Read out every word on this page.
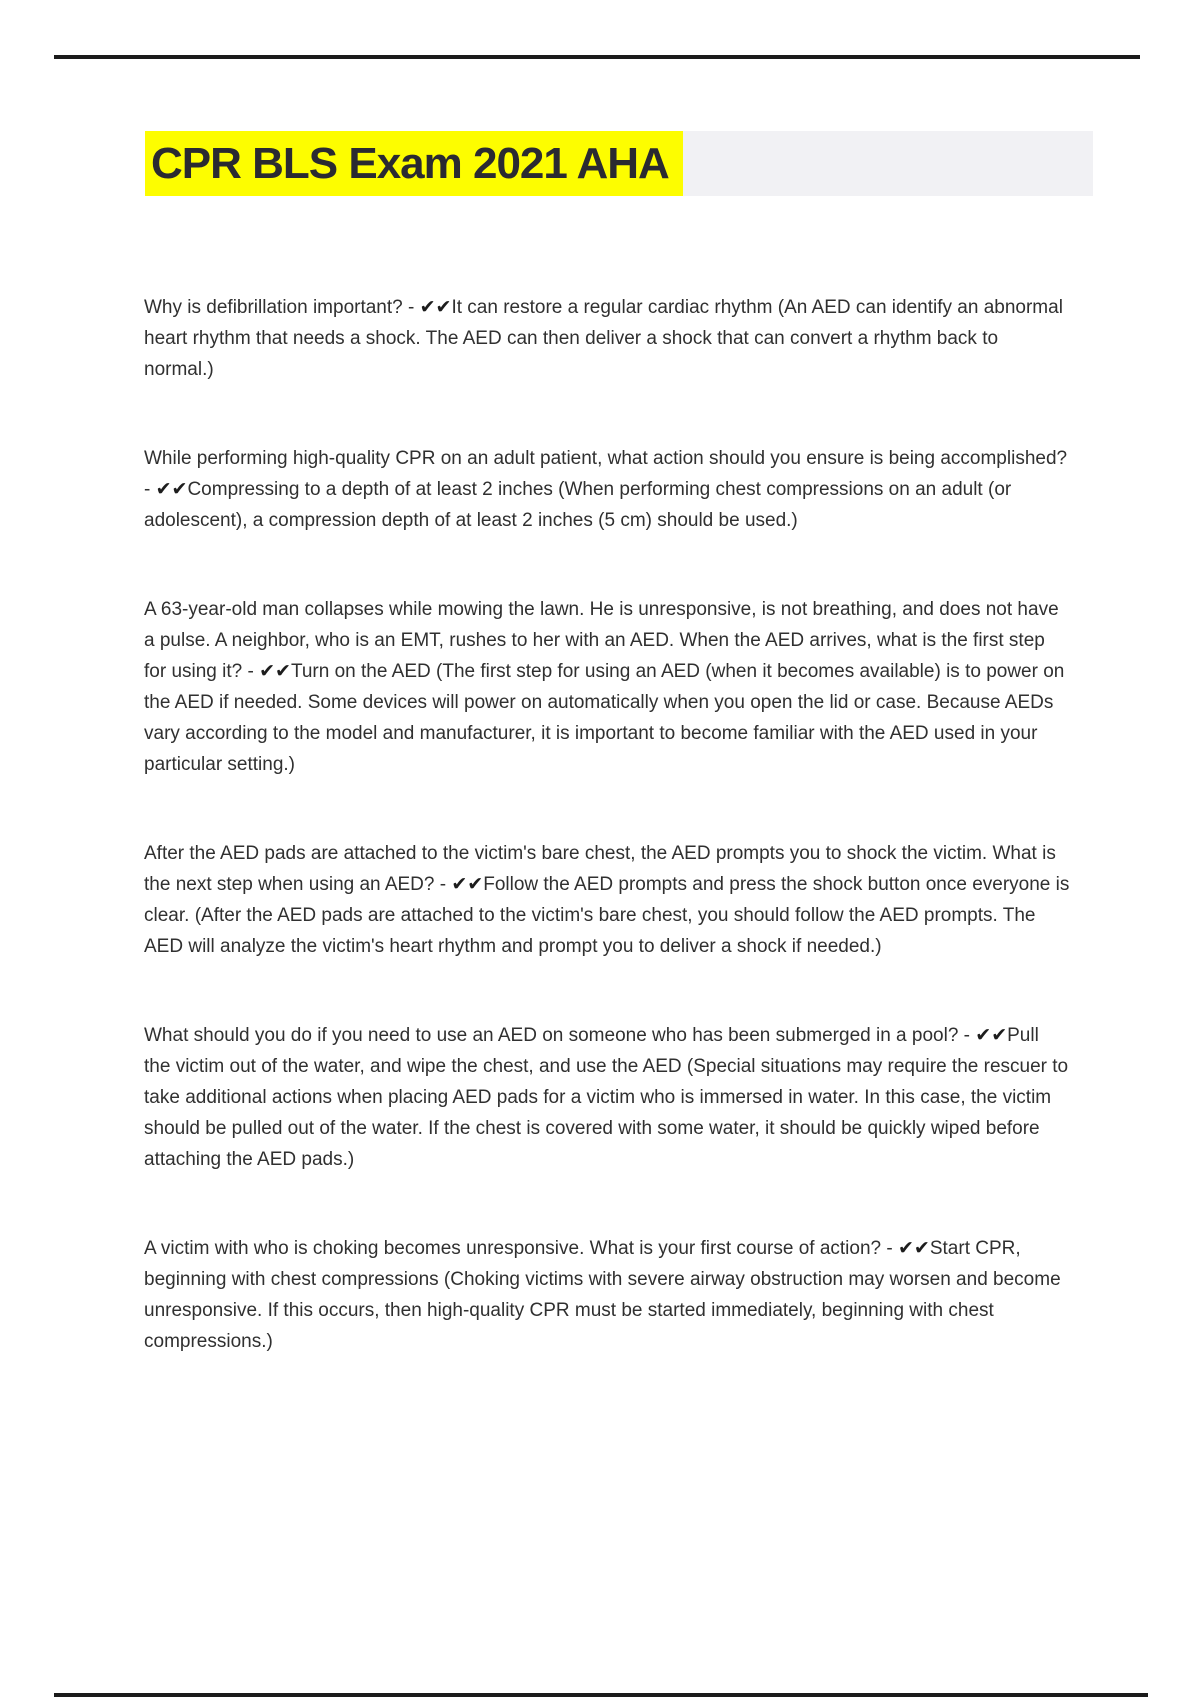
CPR BLS Exam 2021 AHA

Why is defibrillation important? - ✔✔It can restore a regular cardiac rhythm (An AED can identify an abnormal heart rhythm that needs a shock. The AED can then deliver a shock that can convert a rhythm back to normal.)

While performing high-quality CPR on an adult patient, what action should you ensure is being accomplished? - ✔✔Compressing to a depth of at least 2 inches (When performing chest compressions on an adult (or adolescent), a compression depth of at least 2 inches (5 cm) should be used.)

A 63-year-old man collapses while mowing the lawn. He is unresponsive, is not breathing, and does not have a pulse. A neighbor, who is an EMT, rushes to her with an AED. When the AED arrives, what is the first step for using it? - ✔✔Turn on the AED (The first step for using an AED (when it becomes available) is to power on the AED if needed. Some devices will power on automatically when you open the lid or case. Because AEDs vary according to the model and manufacturer, it is important to become familiar with the AED used in your particular setting.)

After the AED pads are attached to the victim's bare chest, the AED prompts you to shock the victim. What is the next step when using an AED? - ✔✔Follow the AED prompts and press the shock button once everyone is clear. (After the AED pads are attached to the victim's bare chest, you should follow the AED prompts. The AED will analyze the victim's heart rhythm and prompt you to deliver a shock if needed.)

What should you do if you need to use an AED on someone who has been submerged in a pool? - ✔✔Pull the victim out of the water, and wipe the chest, and use the AED (Special situations may require the rescuer to take additional actions when placing AED pads for a victim who is immersed in water. In this case, the victim should be pulled out of the water. If the chest is covered with some water, it should be quickly wiped before attaching the AED pads.)

A victim with who is choking becomes unresponsive. What is your first course of action? - ✔✔Start CPR, beginning with chest compressions (Choking victims with severe airway obstruction may worsen and become unresponsive. If this occurs, then high-quality CPR must be started immediately, beginning with chest compressions.)
